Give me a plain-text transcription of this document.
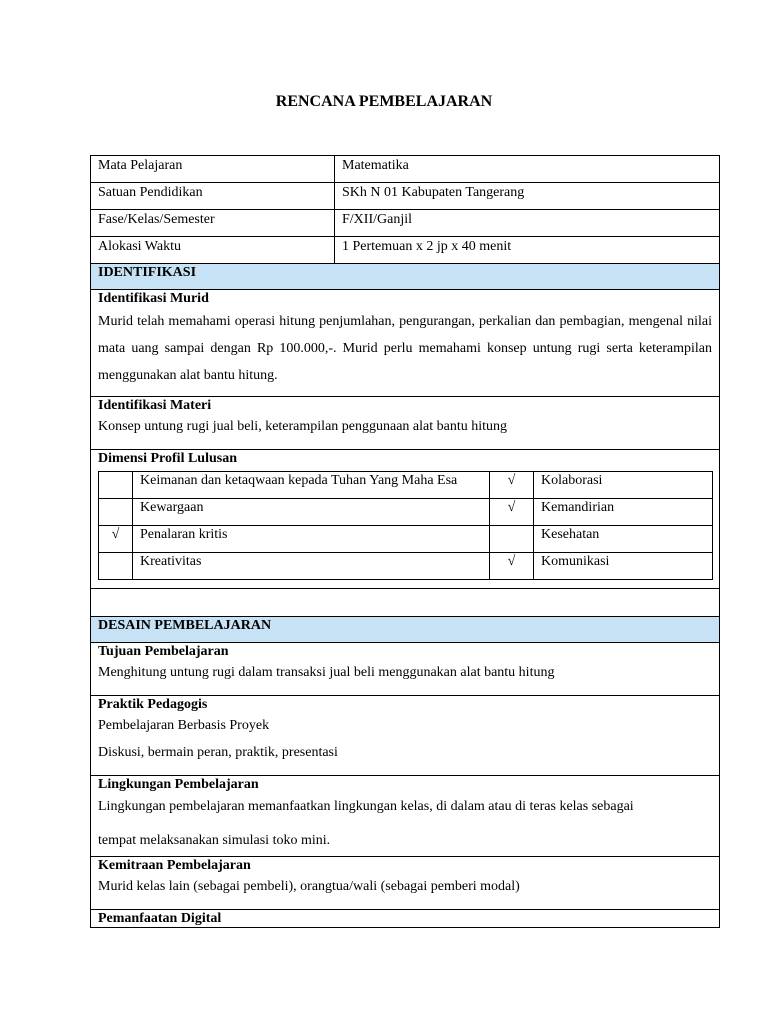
RENCANA PEMBELAJARAN
Mata Pelajaran	Matematika
Satuan Pendidikan	SKh N 01 Kabupaten Tangerang
Fase/Kelas/Semester	F/XII/Ganjil
Alokasi Waktu	1 Pertemuan x 2 jp x 40 menit
IDENTIFIKASI

Identifikasi Murid
Murid telah memahami operasi hitung penjumlahan, pengurangan, perkalian dan pembagian, mengenal nilai mata uang sampai dengan Rp 100.000,-. Murid perlu memahami konsep untung rugi serta keterampilan menggunakan alat bantu hitung.

Identifikasi Materi
Konsep untung rugi jual beli, keterampilan penggunaan alat bantu hitung

Dimensi Profil Lulusan
	Keimanan dan ketaqwaan kepada Tuhan Yang Maha Esa	√	Kolaborasi
	Kewargaan	√	Kemandirian
√	Penalaran kritis		Kesehatan
	Kreativitas	√	Komunikasi

DESAIN PEMBELAJARAN

Tujuan Pembelajaran
Menghitung untung rugi dalam transaksi jual beli menggunakan alat bantu hitung

Praktik Pedagogis
Pembelajaran Berbasis Proyek
Diskusi, bermain peran, praktik, presentasi

Lingkungan Pembelajaran
Lingkungan pembelajaran memanfaatkan lingkungan kelas, di dalam atau di teras kelas sebagai
tempat melaksanakan simulasi toko mini.

Kemitraan Pembelajaran
Murid kelas lain (sebagai pembeli), orangtua/wali (sebagai pemberi modal)

Pemanfaatan Digital
